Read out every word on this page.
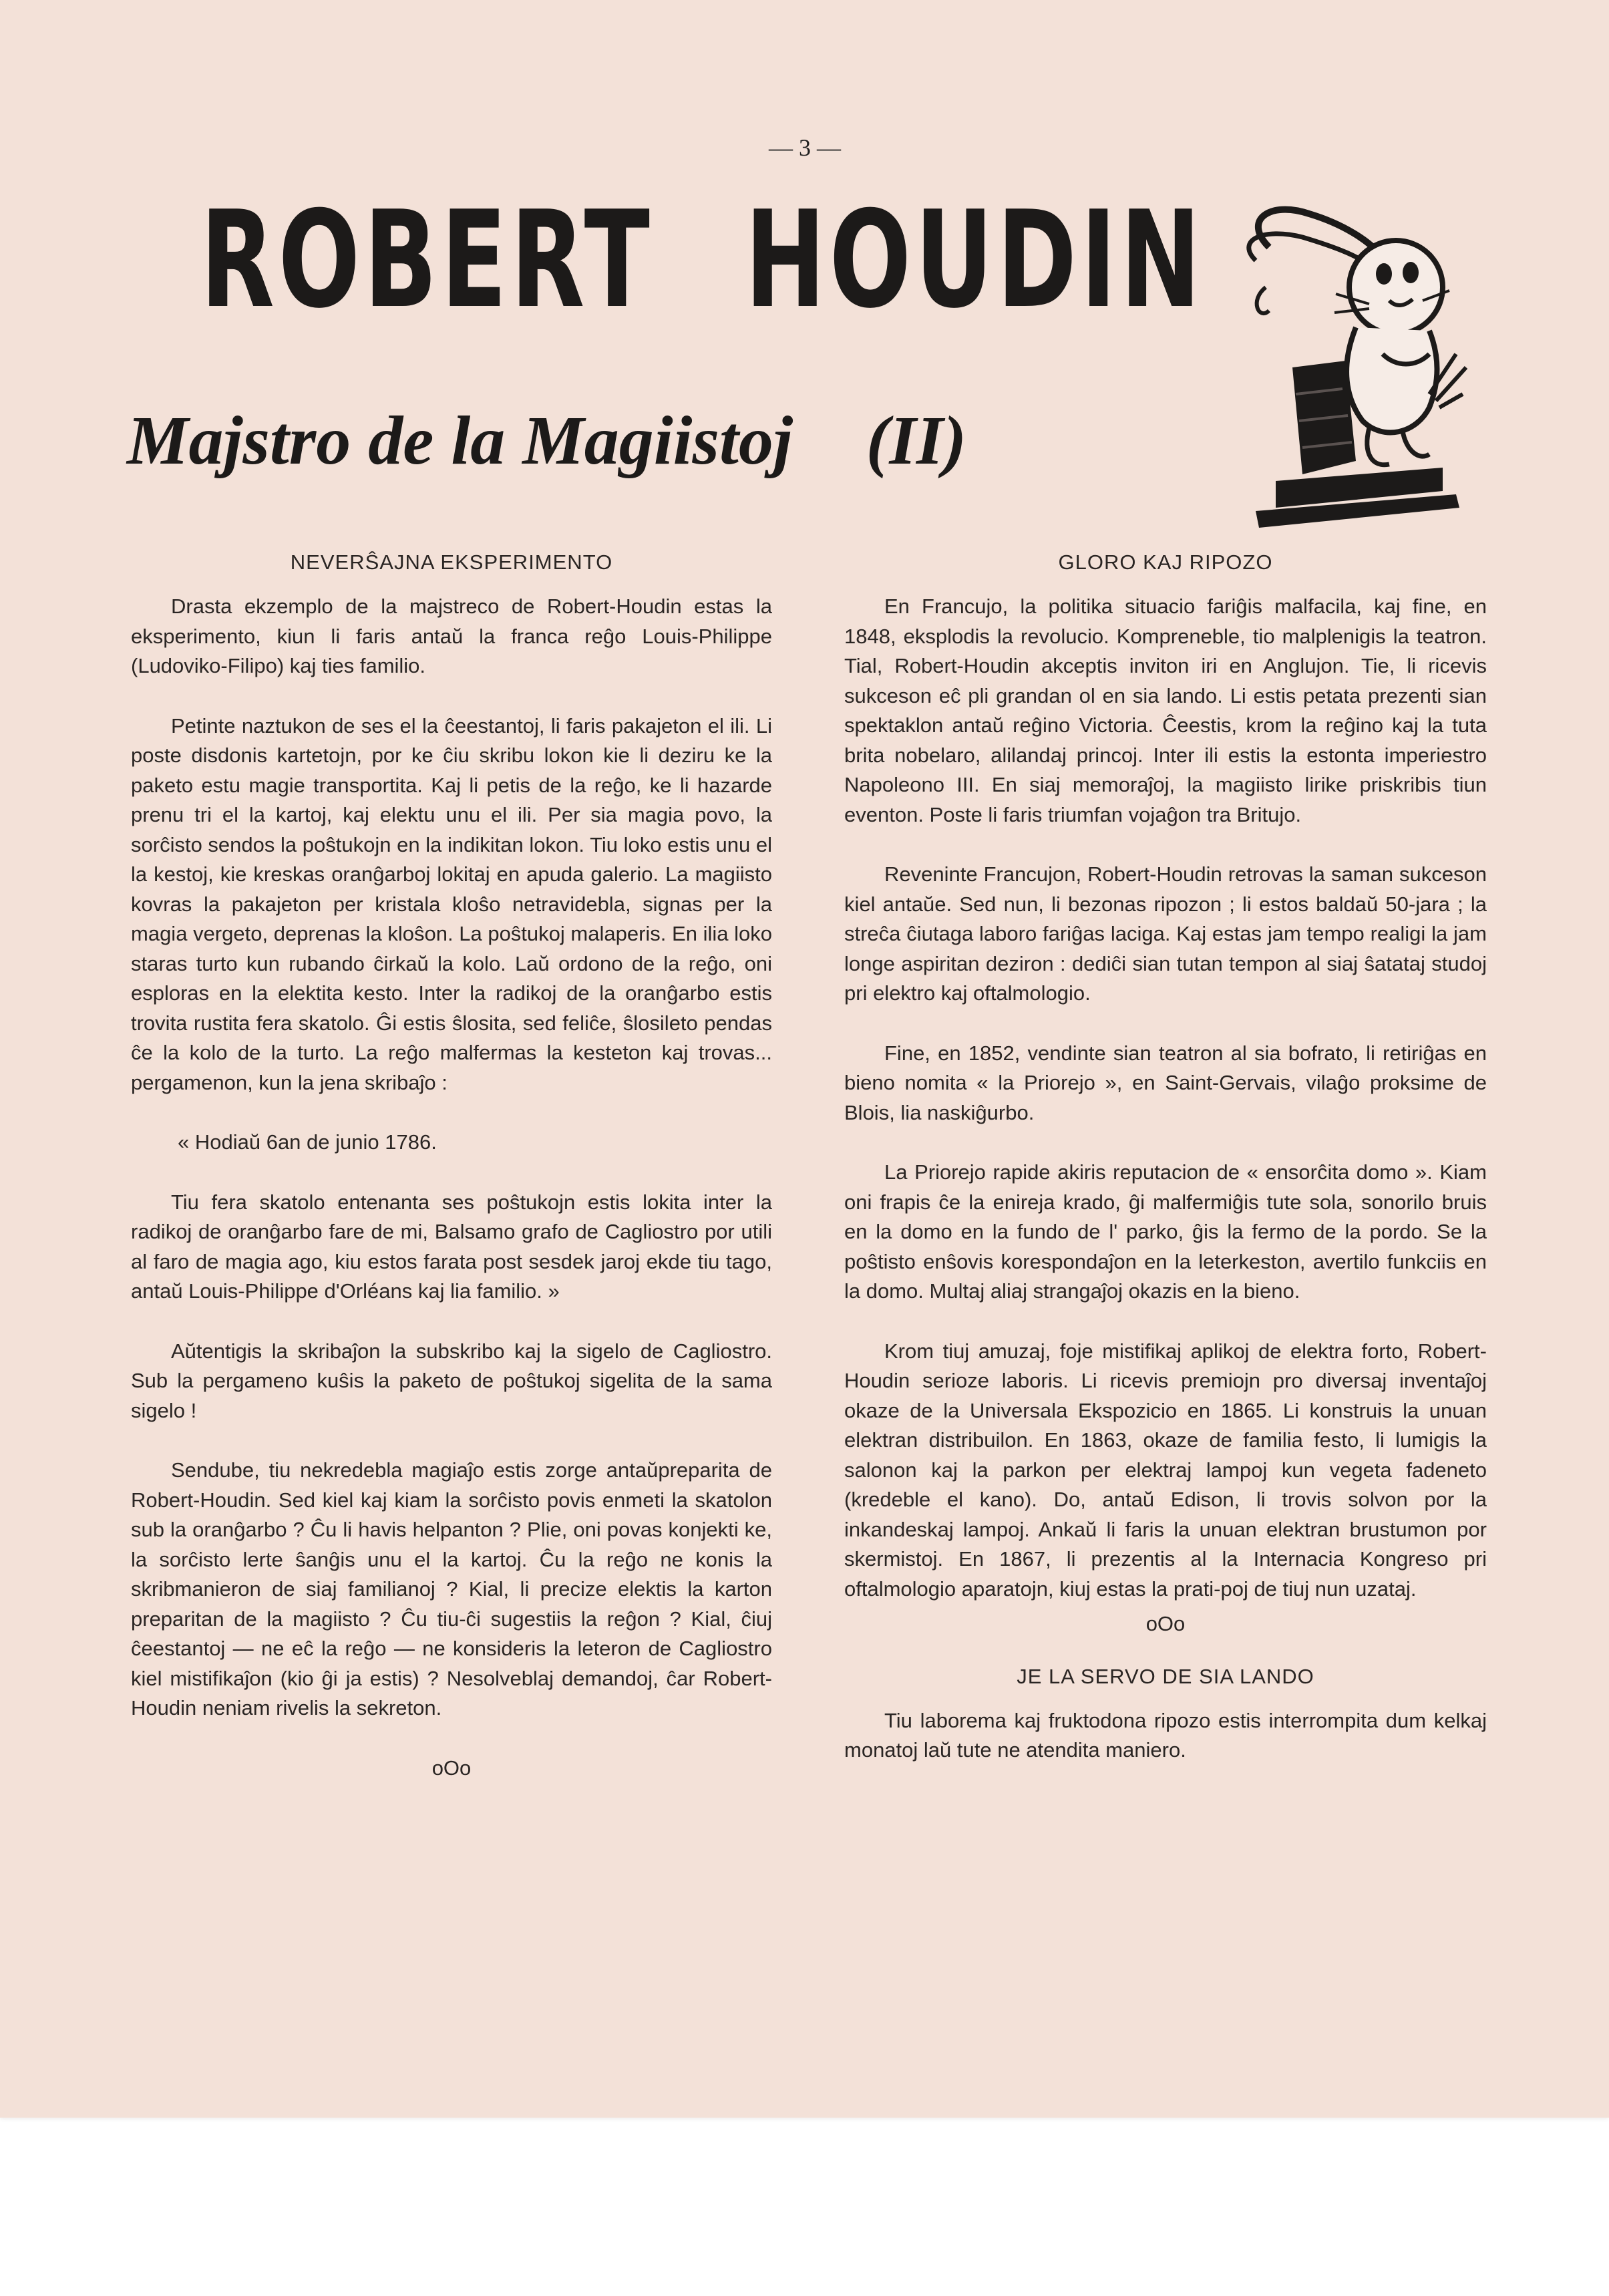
— 3 —
ROBERT HOUDIN
Majstro de la Magiistoj (II)
NEVERŜAJNA EKSPERIMENTO

Drasta ekzemplo de la majstreco de Robert-Houdin estas la eksperimento, kiun li faris antaŭ la franca reĝo Louis-Philippe (Ludoviko-Filipo) kaj ties familio.

Petinte naztukon de ses el la ĉeestantoj, li faris pakajeton el ili. Li poste disdonis kartetojn, por ke ĉiu skribu lokon kie li deziru ke la paketo estu magie transportita. Kaj li petis de la reĝo, ke li hazarde prenu tri el la kartoj, kaj elektu unu el ili. Per sia magia povo, la sorĉisto sendos la poŝtukojn en la indikitan lokon. Tiu loko estis unu el la kestoj, kie kreskas oranĝarboj lokitaj en apuda galerio. La magiisto kovras la pakajeton per kristala kloŝo netravidebla, signas per la magia vergeto, deprenas la kloŝon. La poŝtukoj malaperis. En ilia loko staras turto kun rubando ĉirkaŭ la kolo. Laŭ ordono de la reĝo, oni esploras en la elektita kesto. Inter la radikoj de la oranĝarbo estis trovita rustita fera skatolo. Ĝi estis ŝlosita, sed feliĉe, ŝlosileto pendas ĉe la kolo de la turto. La reĝo malfermas la kesteton kaj trovas... pergamenon, kun la jena skribaĵo :

« Hodiaŭ 6an de junio 1786.

Tiu fera skatolo entenanta ses poŝtukojn estis lokita inter la radikoj de oranĝarbo fare de mi, Balsamo grafo de Cagliostro por utili al faro de magia ago, kiu estos farata post sesdek jaroj ekde tiu tago, antaŭ Louis-Philippe d'Orléans kaj lia familio. »

Aŭtentigis la skribaĵon la subskribo kaj la sigelo de Cagliostro. Sub la pergameno kuŝis la paketo de poŝtukoj sigelita de la sama sigelo !

Sendube, tiu nekredebla magiaĵo estis zorge antaŭpreparita de Robert-Houdin. Sed kiel kaj kiam la sorĉisto povis enmeti la skatolon sub la oranĝarbo ? Ĉu li havis helpanton ? Plie, oni povas konjekti ke, la sorĉisto lerte ŝanĝis unu el la kartoj. Ĉu la reĝo ne konis la skribmanieron de siaj familianoj ? Kial, li precize elektis la karton preparitan de la magiisto ? Ĉu tiu-ĉi sugestiis la reĝon ? Kial, ĉiuj ĉeestantoj — ne eĉ la reĝo — ne konsideris la leteron de Cagliostro kiel mistifikaĵon (kio ĝi ja estis) ? Nesolveblaj demandoj, ĉar Robert-Houdin neniam rivelis la sekreton.

oOo
GLORO KAJ RIPOZO

En Francujo, la politika situacio fariĝis malfacila, kaj fine, en 1848, eksplodis la revolucio. Kompreneble, tio malplenigis la teatron. Tial, Robert-Houdin akceptis inviton iri en Anglujon. Tie, li ricevis sukceson eĉ pli grandan ol en sia lando. Li estis petata prezenti sian spektaklon antaŭ reĝino Victoria. Ĉeestis, krom la reĝino kaj la tuta brita nobelaro, alilandaj princoj. Inter ili estis la estonta imperiestro Napoleono III. En siaj memoraĵoj, la magiisto lirike priskribis tiun eventon. Poste li faris triumfan vojaĝon tra Britujo.

Reveninte Francujon, Robert-Houdin retrovas la saman sukceson kiel antaŭe. Sed nun, li bezonas ripozon ; li estos baldaŭ 50-jara ; la streĉa ĉiutaga laboro fariĝas laciga. Kaj estas jam tempo realigi la jam longe aspiritan deziron : dediĉi sian tutan tempon al siaj ŝatataj studoj pri elektro kaj oftalmologio.

Fine, en 1852, vendinte sian teatron al sia bofrato, li retiriĝas en bieno nomita « la Priorejo », en Saint-Gervais, vilaĝo proksime de Blois, lia naskiĝurbo.

La Priorejo rapide akiris reputacion de « ensorĉita domo ». Kiam oni frapis ĉe la enireja krado, ĝi malfermiĝis tute sola, sonorilo bruis en la domo en la fundo de l' parko, ĝis la fermo de la pordo. Se la poŝtisto enŝovis korespondaĵon en la leterkeston, avertilo funkciis en la domo. Multaj aliaj strangaĵoj okazis en la bieno.

Krom tiuj amuzaj, foje mistifikaj aplikoj de elektra forto, Robert-Houdin serioze laboris. Li ricevis premiojn pro diversaj inventaĵoj okaze de la Universala Ekspozicio en 1865. Li konstruis la unuan elektran distribuilon. En 1863, okaze de familia festo, li lumigis la salonon kaj la parkon per elektraj lampoj kun vegeta fadeneto (kredeble el kano). Do, antaŭ Edison, li trovis solvon por la inkandeskaj lampoj. Ankaŭ li faris la unuan elektran brustumon por skermistoj. En 1867, li prezentis al la Internacia Kongreso pri oftalmologio aparatojn, kiuj estas la prati-poj de tiuj nun uzataj.

oOo
JE LA SERVO DE SIA LANDO

Tiu laborema kaj fruktodona ripozo estis interrompita dum kelkaj monatoj laŭ tute ne atendita maniero.
